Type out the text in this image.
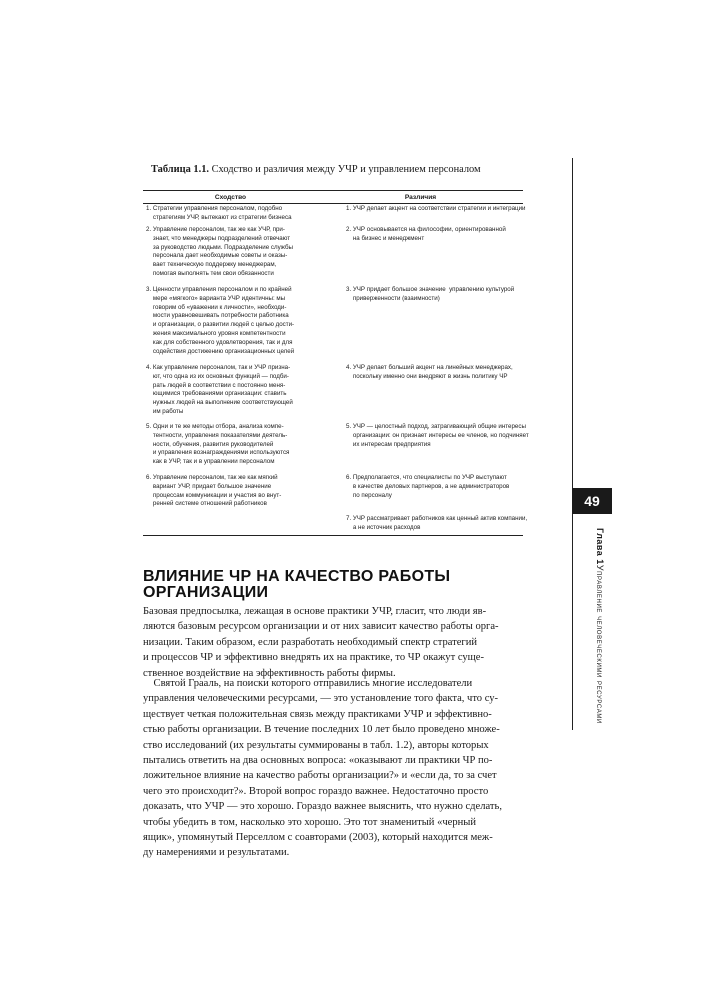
Таблица 1.1. Сходство и различия между УЧР и управлением персоналом
Сходство	Различия
1. Стратегии управления персоналом, подобно
стратегиям УЧР, вытекают из стратегии бизнеса
1. УЧР делает акцент на соответствии стратегии и интеграции
2. Управление персоналом, так же как УЧР, при-
знает, что менеджеры подразделений отвечают
за руководство людьми. Подразделение службы
персонала дает необходимые советы и оказы-
вает техническую поддержку менеджерам,
помогая выполнять тем свои обязанности
2. УЧР основывается на философии, ориентированной
на бизнес и менеджмент
3. Ценности управления персоналом и по крайней
мере «мягкого» варианта УЧР идентичны: мы
говорим об «уважении к личности», необходи-
мости уравновешивать потребности работника
и организации, о развитии людей с целью дости-
жения максимального уровня компетентности
как для собственного удовлетворения, так и для
содействия достижению организационных целей
3. УЧР придает большое значение  управлению культурой
приверженности (взаимности)
4. Как управление персоналом, так и УЧР призна-
ют, что одна из их основных функций — подби-
рать людей в соответствии с постоянно меня-
ющимися требованиями организации: ставить
нужных людей на выполнение соответствующей
им работы
4. УЧР делает больший акцент на линейных менеджерах,
поскольку именно они внедряют в жизнь политику ЧР
5. Одни и те же методы отбора, анализа компе-
тентности, управления показателями деятель-
ности, обучения, развития руководителей
и управления вознаграждениями используются
как в УЧР, так и в управлении персоналом
5. УЧР — целостный подход, затрагивающий общие интересы
организации: он признает интересы ее членов, но подчиняет
их интересам предприятия
6. Управление персоналом, так же как мягкий
вариант УЧР, придает большое значение
процессам коммуникации и участия во внут-
ренней системе отношений работников
6. Предполагается, что специалисты по УЧР выступают
в качестве деловых партнеров, а не администраторов
по персоналу
7. УЧР рассматривает работников как ценный актив компании,
а не источник расходов
ВЛИЯНИЕ ЧР НА КАЧЕСТВО РАБОТЫ
ОРГАНИЗАЦИИ
Базовая предпосылка, лежащая в основе практики УЧР, гласит, что люди яв-
ляются базовым ресурсом организации и от них зависит качество работы орга-
низации. Таким образом, если разработать необходимый спектр стратегий
и процессов ЧР и эффективно внедрять их на практике, то ЧР окажут суще-
ственное воздействие на эффективность работы фирмы.
Святой Грааль, на поиски которого отправились многие исследователи
управления человеческими ресурсами, — это установление того факта, что су-
ществует четкая положительная связь между практиками УЧР и эффективно-
стью работы организации. В течение последних 10 лет было проведено множе-
ство исследований (их результаты суммированы в табл. 1.2), авторы которых
пытались ответить на два основных вопроса: «оказывают ли практики ЧР по-
ложительное влияние на качество работы организации?» и «если да, то за счет
чего это происходит?». Второй вопрос гораздо важнее. Недостаточно просто
доказать, что УЧР — это хорошо. Гораздо важнее выяснить, что нужно сделать,
чтобы убедить в том, насколько это хорошо. Это тот знаменитый «черный
ящик», упомянутый Перселлом с соавторами (2003), который находится меж-
ду намерениями и результатами.
49
Глава 1Управление человеческими ресурсами
